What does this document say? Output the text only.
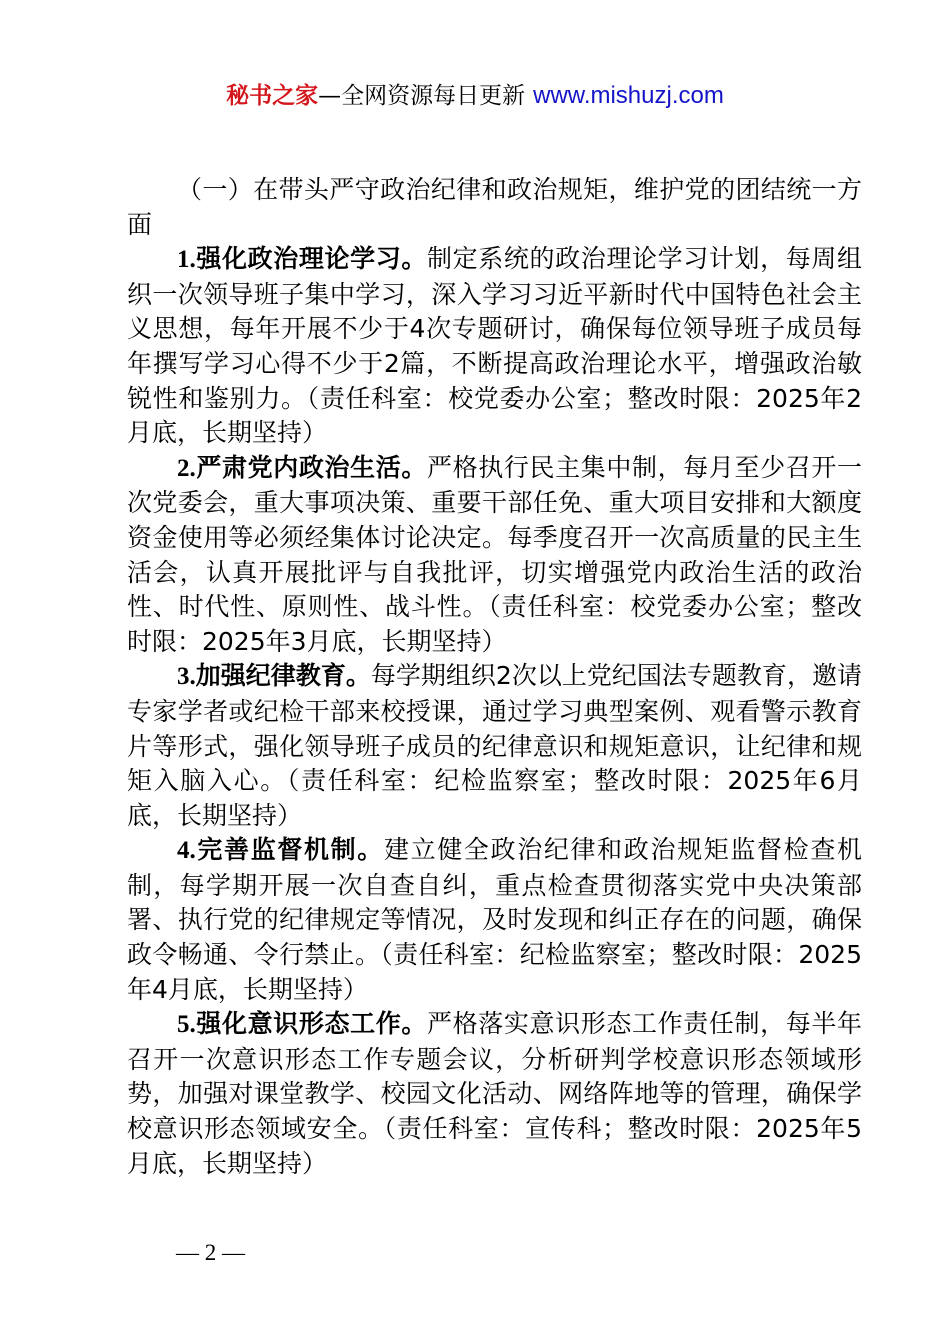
秘书之家—全网资源每日更新 www.mishuzj.com

（一）在带头严守政治纪律和政治规矩，维护党的团结统一方面

1.强化政治理论学习。制定系统的政治理论学习计划，每周组织一次领导班子集中学习，深入学习习近平新时代中国特色社会主义思想，每年开展不少于4次专题研讨，确保每位领导班子成员每年撰写学习心得不少于2篇，不断提高政治理论水平，增强政治敏锐性和鉴别力。（责任科室：校党委办公室；整改时限：2025年2月底，长期坚持）

2.严肃党内政治生活。严格执行民主集中制，每月至少召开一次党委会，重大事项决策、重要干部任免、重大项目安排和大额度资金使用等必须经集体讨论决定。每季度召开一次高质量的民主生活会，认真开展批评与自我批评，切实增强党内政治生活的政治性、时代性、原则性、战斗性。（责任科室：校党委办公室；整改时限：2025年3月底，长期坚持）

3.加强纪律教育。每学期组织2次以上党纪国法专题教育，邀请专家学者或纪检干部来校授课，通过学习典型案例、观看警示教育片等形式，强化领导班子成员的纪律意识和规矩意识，让纪律和规矩入脑入心。（责任科室：纪检监察室；整改时限：2025年6月底，长期坚持）

4.完善监督机制。建立健全政治纪律和政治规矩监督检查机制，每学期开展一次自查自纠，重点检查贯彻落实党中央决策部署、执行党的纪律规定等情况，及时发现和纠正存在的问题，确保政令畅通、令行禁止。（责任科室：纪检监察室；整改时限：2025年4月底，长期坚持）

5.强化意识形态工作。严格落实意识形态工作责任制，每半年召开一次意识形态工作专题会议，分析研判学校意识形态领域形势，加强对课堂教学、校园文化活动、网络阵地等的管理，确保学校意识形态领域安全。（责任科室：宣传科；整改时限：2025年5月底，长期坚持）

— 2 —
